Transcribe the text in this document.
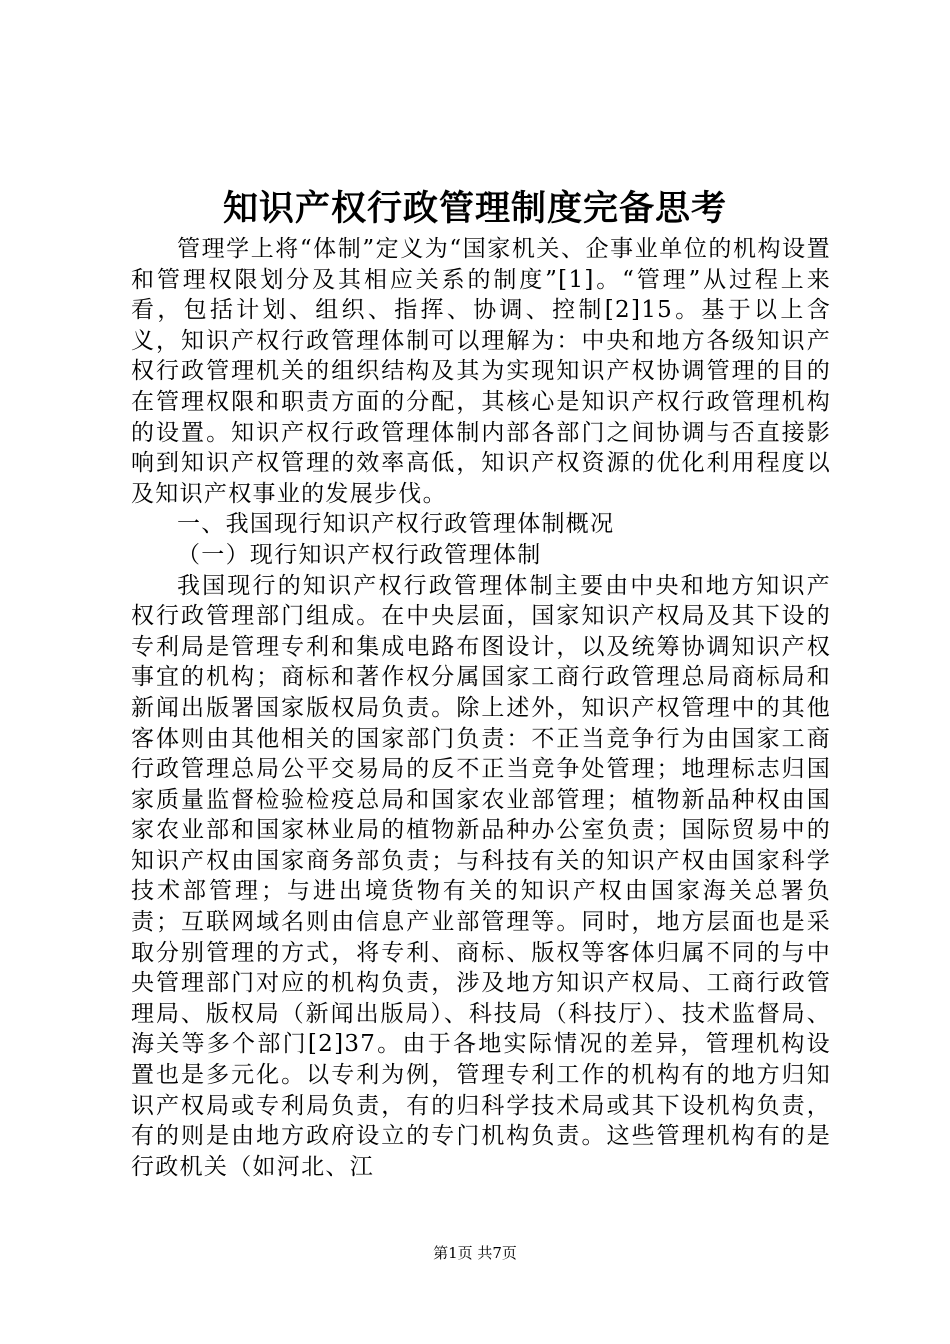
知识产权行政管理制度完备思考

管理学上将“体制”定义为“国家机关、企事业单位的机构设置和管理权限划分及其相应关系的制度”[1]。“管理”从过程上来看，包括计划、组织、指挥、协调、控制[2]15。基于以上含义，知识产权行政管理体制可以理解为：中央和地方各级知识产权行政管理机关的组织结构及其为实现知识产权协调管理的目的在管理权限和职责方面的分配，其核心是知识产权行政管理机构的设置。知识产权行政管理体制内部各部门之间协调与否直接影响到知识产权管理的效率高低，知识产权资源的优化利用程度以及知识产权事业的发展步伐。

一、我国现行知识产权行政管理体制概况

（一）现行知识产权行政管理体制

我国现行的知识产权行政管理体制主要由中央和地方知识产权行政管理部门组成。在中央层面，国家知识产权局及其下设的专利局是管理专利和集成电路布图设计，以及统筹协调知识产权事宜的机构；商标和著作权分属国家工商行政管理总局商标局和新闻出版署国家版权局负责。除上述外，知识产权管理中的其他客体则由其他相关的国家部门负责：不正当竞争行为由国家工商行政管理总局公平交易局的反不正当竞争处管理；地理标志归国家质量监督检验检疫总局和国家农业部管理；植物新品种权由国家农业部和国家林业局的植物新品种办公室负责；国际贸易中的知识产权由国家商务部负责；与科技有关的知识产权由国家科学技术部管理；与进出境货物有关的知识产权由国家海关总署负责；互联网域名则由信息产业部管理等。同时，地方层面也是采取分别管理的方式，将专利、商标、版权等客体归属不同的与中央管理部门对应的机构负责，涉及地方知识产权局、工商行政管理局、版权局（新闻出版局）、科技局（科技厅）、技术监督局、海关等多个部门[2]37。由于各地实际情况的差异，管理机构设置也是多元化。以专利为例，管理专利工作的机构有的地方归知识产权局或专利局负责，有的归科学技术局或其下设机构负责，有的则是由地方政府设立的专门机构负责。这些管理机构有的是行政机关（如河北、江

第1页 共7页
